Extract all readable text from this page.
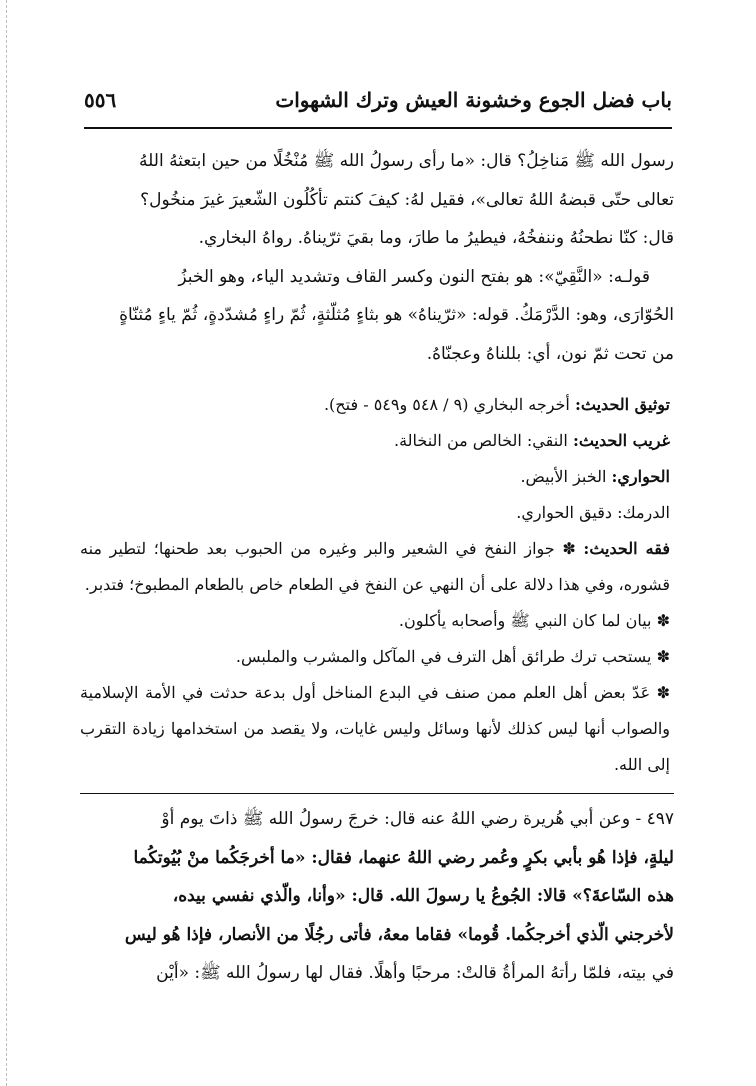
باب فضل الجوع وخشونة العيش وترك الشهوات
٥٥٦

رسول الله ﷺ مَناخِلُ؟ قال: «ما رأى رسولُ الله ﷺ مُنْخُلًا من حين ابتعثهُ اللهُ

تعالى حتّى قبضهُ اللهُ تعالى»، فقيل لهُ: كيفَ كنتم تأكُلُون الشّعيرَ غيرَ منخُول؟

قال: كنّا نطحنُهُ وننفخُهُ، فيطيرُ ما طارَ، وما بقيَ ثرّيناهُ. رواهُ البخاري.

قولـه: «النَّقِيّ»: هو بفتح النون وكسر القاف وتشديد الياء، وهو الخبزُ

الحُوّارَى، وهو: الدَّرْمَكُ. قوله: «ثرّيناهُ» هو بثاءٍ مُثلّثةٍ، ثُمّ راءٍ مُشدّدةٍ، ثُمّ ياءٍ مُثنّاةٍ

من تحت ثمّ نون، أي: بللناهُ وعجنّاهُ.

توثيق الحديث: أخرجه البخاري (٩ / ٥٤٨ و٥٤٩ - فتح).

غريب الحديث: النقي: الخالص من النخالة.

الحواري: الخبز الأبيض.

الدرمك: دقيق الحواري.

فقه الحديث: ✽ جواز النفخ في الشعير والبر وغيره من الحبوب بعد طحنها؛ لتطير منه قشوره، وفي هذا دلالة على أن النهي عن النفخ في الطعام خاص بالطعام المطبوخ؛ فتدبر.

✽ بيان لما كان النبي ﷺ وأصحابه يأكلون.

✽ يستحب ترك طرائق أهل الترف في المآكل والمشرب والملبس.

✽ عَدّ بعض أهل العلم ممن صنف في البدع المناخل أول بدعة حدثت في الأمة الإسلامية والصواب أنها ليس كذلك لأنها وسائل وليس غايات، ولا يقصد من استخدامها زيادة التقرب إلى الله.

٤٩٧ - وعن أبي هُريرة رضي اللهُ عنه قال: خرجَ رسولُ الله ﷺ ذاتَ يوم أوْ

ليلةٍ، فإذا هُو بأبي بكرٍ وعُمر رضي اللهُ عنهما، فقال: «ما أخرجَكُما منْ بُيُوتكُما

هذه السّاعةَ؟» قالا: الجُوعُ يا رسولَ الله. قال: «وأنا، والّذي نفسي بيده،

لأخرجني الّذي أخرجكُما. قُوما» فقاما معهُ، فأتى رجُلًا من الأنصار، فإذا هُو ليس

في بيته، فلمّا رأتهُ المرأةُ قالتْ: مرحبًا وأهلًا. فقال لها رسولُ الله ﷺ: «أيْن
